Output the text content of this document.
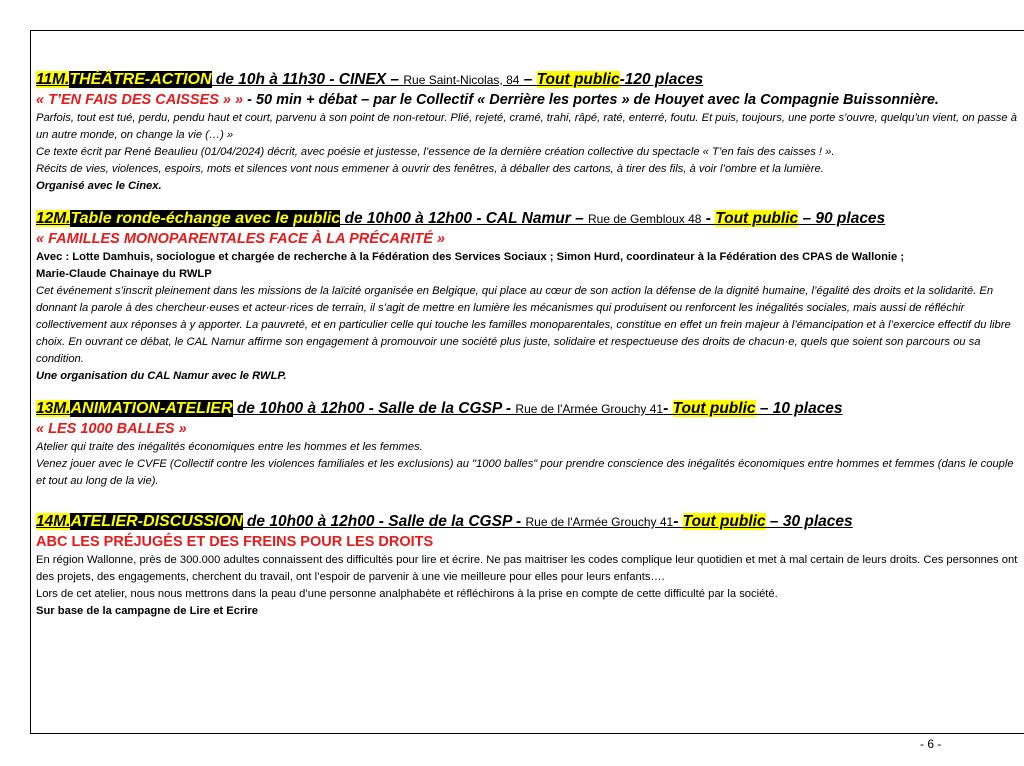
11M.THÉÂTRE-ACTION de 10h à 11h30 - CINEX – Rue Saint-Nicolas, 84 – Tout public-120 places
« T’EN FAIS DES CAISSES » » - 50 min + débat – par le Collectif « Derrière les portes » de Houyet avec la Compagnie Buissonnière.

Parfois, tout est tué, perdu, pendu haut et court, parvenu à son point de non-retour. Plié, rejeté, cramé, trahi, râpé, raté, enterré, foutu. Et puis, toujours, une porte s’ouvre, quelqu’un vient, on passe à un autre monde, on change la vie (…) »

Ce texte écrit par René Beaulieu (01/04/2024) décrit, avec poésie et justesse, l’essence de la dernière création collective du spectacle « T’en fais des caisses ! ».

Récits de vies, violences, espoirs, mots et silences vont nous emmener à ouvrir des fenêtres, à déballer des cartons, à tirer des fils, à voir l’ombre et la lumière.

Organisé avec le Cinex.

12M.Table ronde-échange avec le public de 10h00 à 12h00 - CAL Namur – Rue de Gembloux 48 - Tout public – 90 places
« FAMILLES MONOPARENTALES FACE À LA PRÉCARITÉ »

Avec : Lotte Damhuis, sociologue et chargée de recherche à la Fédération des Services Sociaux ; Simon Hurd, coordinateur à la Fédération des CPAS de Wallonie ;

Marie-Claude Chainaye du RWLP

Cet événement s’inscrit pleinement dans les missions de la laïcité organisée en Belgique, qui place au cœur de son action la défense de la dignité humaine, l’égalité des droits et la solidarité. En donnant la parole à des chercheur·euses et acteur·rices de terrain, il s’agit de mettre en lumière les mécanismes qui produisent ou renforcent les inégalités sociales, mais aussi de réfléchir collectivement aux réponses à y apporter. La pauvreté, et en particulier celle qui touche les familles monoparentales, constitue en effet un frein majeur à l’émancipation et à l’exercice effectif du libre choix. En ouvrant ce débat, le CAL Namur affirme son engagement à promouvoir une société plus juste, solidaire et respectueuse des droits de chacun·e, quels que soient son parcours ou sa condition.

Une organisation du CAL Namur avec le RWLP.

13M.ANIMATION-ATELIER de 10h00 à 12h00 - Salle de la CGSP - Rue de l'Armée Grouchy 41- Tout public – 10 places
« LES 1000 BALLES »

Atelier qui traite des inégalités économiques entre les hommes et les femmes.

Venez jouer avec le CVFE (Collectif contre les violences familiales et les exclusions) au "1000 balles" pour prendre conscience des inégalités économiques entre hommes et femmes (dans le couple et tout au long de la vie).

14M.ATELIER-DISCUSSION de 10h00 à 12h00 - Salle de la CGSP - Rue de l'Armée Grouchy 41- Tout public – 30 places
ABC LES PRÉJUGÉS ET DES FREINS POUR LES DROITS

En région Wallonne, près de 300.000 adultes connaissent des difficultés pour lire et écrire. Ne pas maitriser les codes complique leur quotidien et met à mal certain de leurs droits. Ces personnes ont des projets, des engagements, cherchent du travail, ont l’espoir de parvenir à une vie meilleure pour elles pour leurs enfants….

Lors de cet atelier, nous nous mettrons dans la peau d’une personne analphabète et réfléchirons à la prise en compte de cette difficulté par la société.

Sur base de la campagne de Lire et Ecrire

- 6 -
